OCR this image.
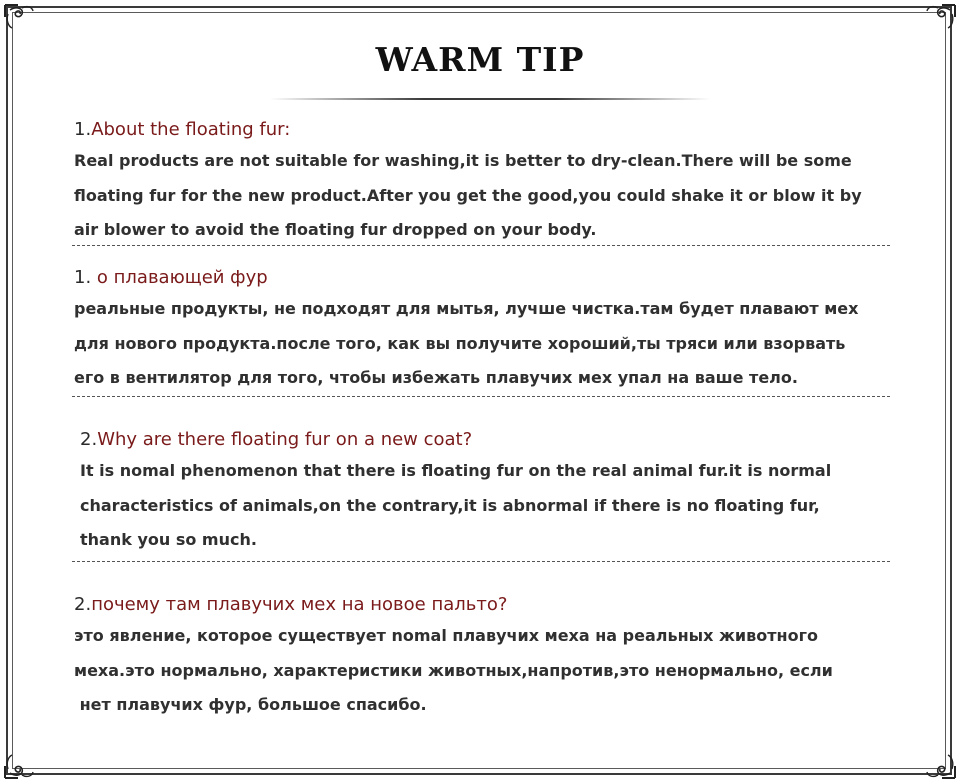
WARM TIP

1.About the floating fur:

Real products are not suitable for washing,it is better to dry-clean.There will be some

floating fur for the new product.After you get the good,you could shake it or blow it by

air blower to avoid the floating fur dropped on your body.

1. о плавающей фур

реальные продукты, не подходят для мытья, лучше чистка.там будет плавают мех

для нового продукта.после того, как вы получите хороший,ты тряси или взорвать

его в вентилятор для того, чтобы избежать плавучих мех упал на ваше тело.

2.Why are there floating fur on a new coat?

It is nomal phenomenon that there is floating fur on the real animal fur.it is normal

characteristics of animals,on the contrary,it is abnormal if there is no floating fur,

thank you so much.

2.почему там плавучих мех на новое пальто?

это явление, которое существует nomal плавучих меха на реальных животного

меха.это нормально, характеристики животных,напротив,это ненормально, если

нет плавучих фур, большое спасибо.
